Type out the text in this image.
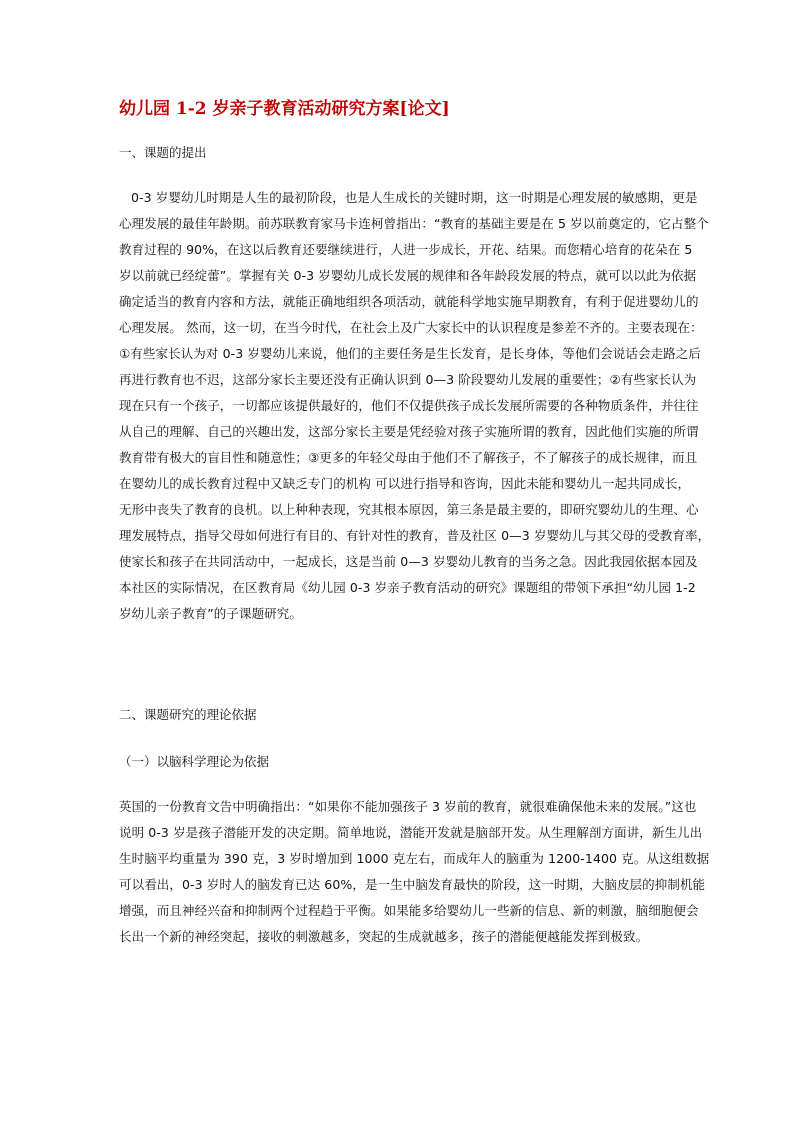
幼儿园 1-2 岁亲子教育活动研究方案[论文]
一、课题的提出
0-3 岁婴幼儿时期是人生的最初阶段，也是人生成长的关键时期，这一时期是心理发展的敏感期，更是
心理发展的最佳年龄期。前苏联教育家马卡连柯曾指出：“教育的基础主要是在 5 岁以前奠定的，它占整个
教育过程的 90%，在这以后教育还要继续进行，人进一步成长，开花、结果。而您精心培育的花朵在 5
岁以前就已经绽蕾”。掌握有关 0-3 岁婴幼儿成长发展的规律和各年龄段发展的特点，就可以以此为依据
确定适当的教育内容和方法，就能正确地组织各项活动，就能科学地实施早期教育，有利于促进婴幼儿的
心理发展。 然而，这一切，在当今时代，在社会上及广大家长中的认识程度是参差不齐的。主要表现在：
①有些家长认为对 0-3 岁婴幼儿来说，他们的主要任务是生长发育，是长身体，等他们会说话会走路之后
再进行教育也不迟，这部分家长主要还没有正确认识到 0—3 阶段婴幼儿发展的重要性；②有些家长认为
现在只有一个孩子，一切都应该提供最好的，他们不仅提供孩子成长发展所需要的各种物质条件，并往往
从自己的理解、自己的兴趣出发，这部分家长主要是凭经验对孩子实施所谓的教育，因此他们实施的所谓
教育带有极大的盲目性和随意性；③更多的年轻父母由于他们不了解孩子，不了解孩子的成长规律，而且
在婴幼儿的成长教育过程中又缺乏专门的机构 可以进行指导和咨询，因此未能和婴幼儿一起共同成长，
无形中丧失了教育的良机。以上种种表现，究其根本原因，第三条是最主要的，即研究婴幼儿的生理、心
理发展特点，指导父母如何进行有目的、有针对性的教育，普及社区 0—3 岁婴幼儿与其父母的受教育率，
使家长和孩子在共同活动中，一起成长，这是当前 0—3 岁婴幼儿教育的当务之急。因此我园依据本园及
本社区的实际情况，在区教育局《幼儿园 0-3 岁亲子教育活动的研究》课题组的带领下承担“幼儿园 1-2
岁幼儿亲子教育”的子课题研究。
二、课题研究的理论依据
（一）以脑科学理论为依据
英国的一份教育文告中明确指出：“如果你不能加强孩子 3 岁前的教育，就很难确保他未来的发展。”这也
说明 0-3 岁是孩子潜能开发的决定期。简单地说，潜能开发就是脑部开发。从生理解剖方面讲，新生儿出
生时脑平均重量为 390 克，3 岁时增加到 1000 克左右，而成年人的脑重为 1200-1400 克。从这组数据
可以看出，0-3 岁时人的脑发育已达 60%，是一生中脑发育最快的阶段，这一时期，大脑皮层的抑制机能
增强，而且神经兴奋和抑制两个过程趋于平衡。如果能多给婴幼儿一些新的信息、新的刺激，脑细胞便会
长出一个新的神经突起，接收的刺激越多，突起的生成就越多，孩子的潜能便越能发挥到极致。
